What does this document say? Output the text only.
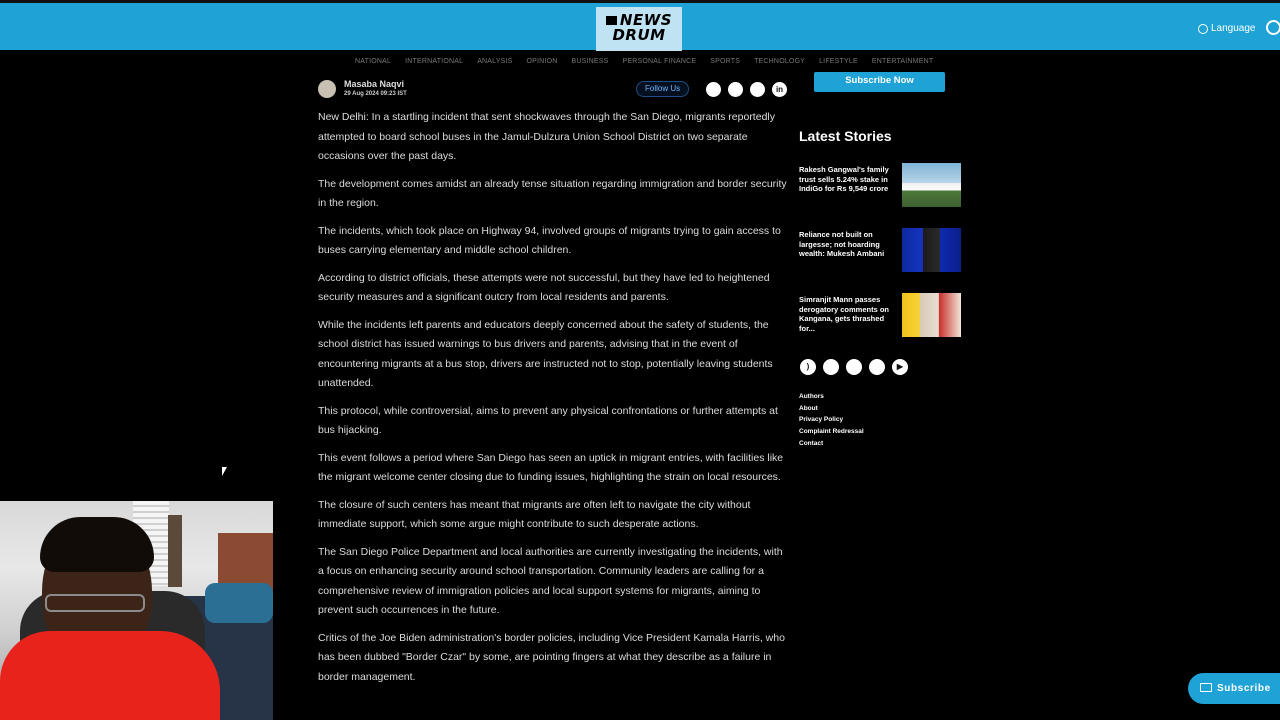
NEWS
DRUM	Language
NATIONAL INTERNATIONAL ANALYSIS OPINION BUSINESS PERSONAL FINANCE SPORTS TECHNOLOGY LIFESTYLE ENTERTAINMENT
Masaba Naqvi
29 Aug 2024 09:23 IST
Follow Us	in

New Delhi: In a startling incident that sent shockwaves through the San Diego, migrants reportedly attempted to board school buses in the Jamul-Dulzura Union School District on two separate occasions over the past days.

The development comes amidst an already tense situation regarding immigration and border security in the region.

The incidents, which took place on Highway 94, involved groups of migrants trying to gain access to buses carrying elementary and middle school children.

According to district officials, these attempts were not successful, but they have led to heightened security measures and a significant outcry from local residents and parents.

While the incidents left parents and educators deeply concerned about the safety of students, the school district has issued warnings to bus drivers and parents, advising that in the event of encountering migrants at a bus stop, drivers are instructed not to stop, potentially leaving students unattended.

This protocol, while controversial, aims to prevent any physical confrontations or further attempts at bus hijacking.

This event follows a period where San Diego has seen an uptick in migrant entries, with facilities like the migrant welcome center closing due to funding issues, highlighting the strain on local resources.

The closure of such centers has meant that migrants are often left to navigate the city without immediate support, which some argue might contribute to such desperate actions.

The San Diego Police Department and local authorities are currently investigating the incidents, with a focus on enhancing security around school transportation. Community leaders are calling for a comprehensive review of immigration policies and local support systems for migrants, aiming to prevent such occurrences in the future.

Critics of the Joe Biden administration's border policies, including Vice President Kamala Harris, who has been dubbed "Border Czar" by some, are pointing fingers at what they describe as a failure in border management.

Subscribe Now
Latest Stories
Rakesh Gangwal's family trust sells 5.24% stake in IndiGo for Rs 9,549 crore
Reliance not built on largesse; not hoarding wealth: Mukesh Ambani
Simranjit Mann passes derogatory comments on Kangana, gets thrashed for...
)	▶
Authors
About
Privacy Policy
Complaint Redressal
Contact
Subscribe
